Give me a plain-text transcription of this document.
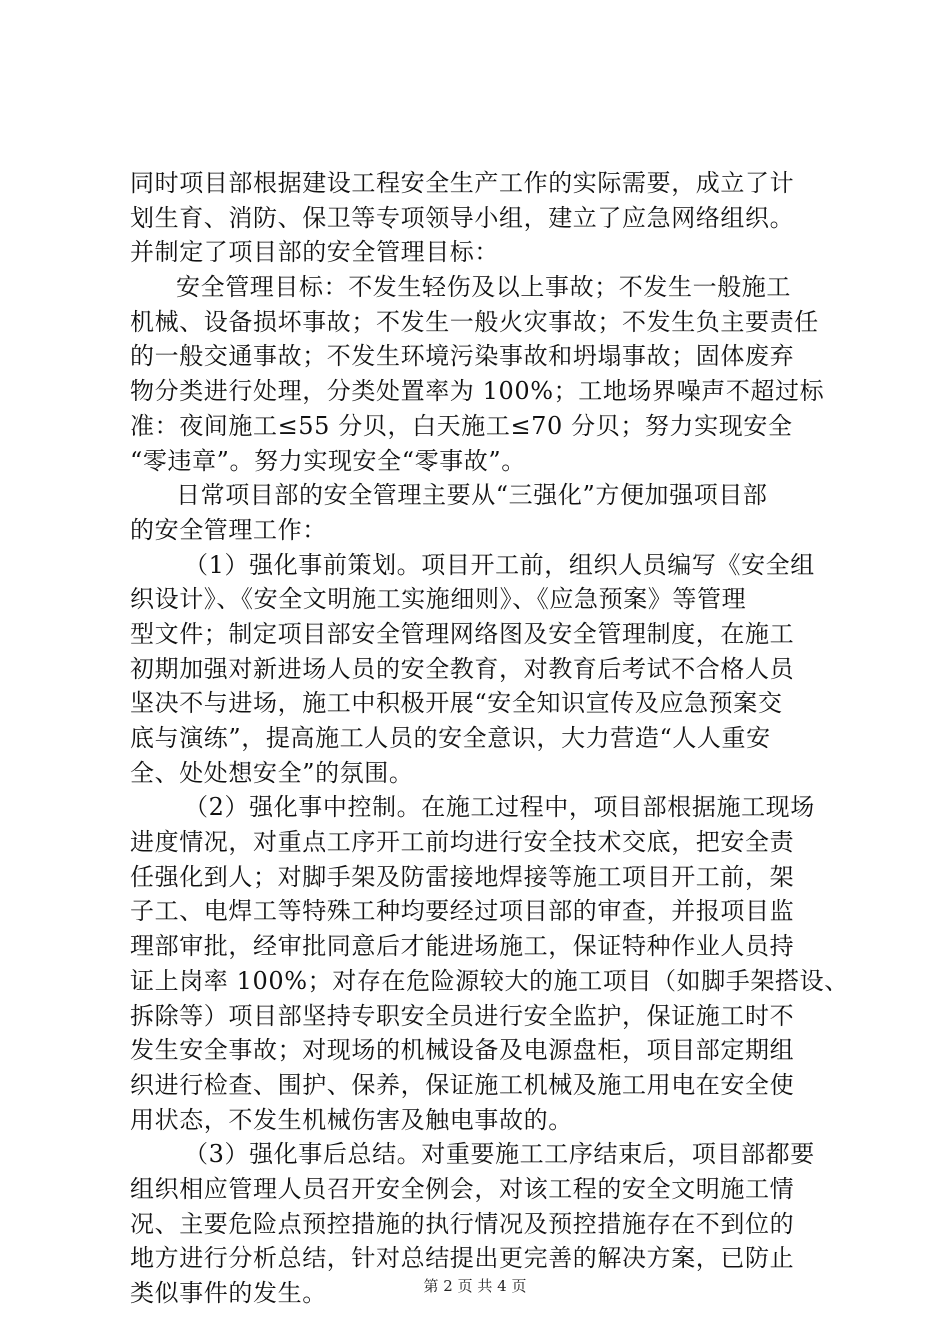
同时项目部根据建设工程安全生产工作的实际需要，成立了计
划生育、消防、保卫等专项领导小组，建立了应急网络组织。
并制定了项目部的安全管理目标：
安全管理目标：不发生轻伤及以上事故；不发生一般施工
机械、设备损坏事故；不发生一般火灾事故；不发生负主要责任
的一般交通事故；不发生环境污染事故和坍塌事故；固体废弃
物分类进行处理，分类处置率为 100%；工地场界噪声不超过标
准：夜间施工≤55 分贝，白天施工≤70 分贝；努力实现安全
“零违章”。努力实现安全“零事故”。
日常项目部的安全管理主要从“三强化”方便加强项目部
的安全管理工作：
（1）强化事前策划。项目开工前，组织人员编写《安全组
织设计》、《安全文明施工实施细则》、《应急预案》等管理
型文件；制定项目部安全管理网络图及安全管理制度，在施工
初期加强对新进场人员的安全教育，对教育后考试不合格人员
坚决不与进场，施工中积极开展“安全知识宣传及应急预案交
底与演练”，提高施工人员的安全意识，大力营造“人人重安
全、处处想安全”的氛围。
（2）强化事中控制。在施工过程中，项目部根据施工现场
进度情况，对重点工序开工前均进行安全技术交底，把安全责
任强化到人；对脚手架及防雷接地焊接等施工项目开工前，架
子工、电焊工等特殊工种均要经过项目部的审查，并报项目监
理部审批，经审批同意后才能进场施工，保证特种作业人员持
证上岗率 100%；对存在危险源较大的施工项目（如脚手架搭设、
拆除等）项目部坚持专职安全员进行安全监护，保证施工时不
发生安全事故；对现场的机械设备及电源盘柜，项目部定期组
织进行检查、围护、保养，保证施工机械及施工用电在安全使
用状态，不发生机械伤害及触电事故的。
（3）强化事后总结。对重要施工工序结束后，项目部都要
组织相应管理人员召开安全例会，对该工程的安全文明施工情
况、主要危险点预控措施的执行情况及预控措施存在不到位的
地方进行分析总结，针对总结提出更完善的解决方案，已防止
类似事件的发生。	第 2 页 共 4 页
